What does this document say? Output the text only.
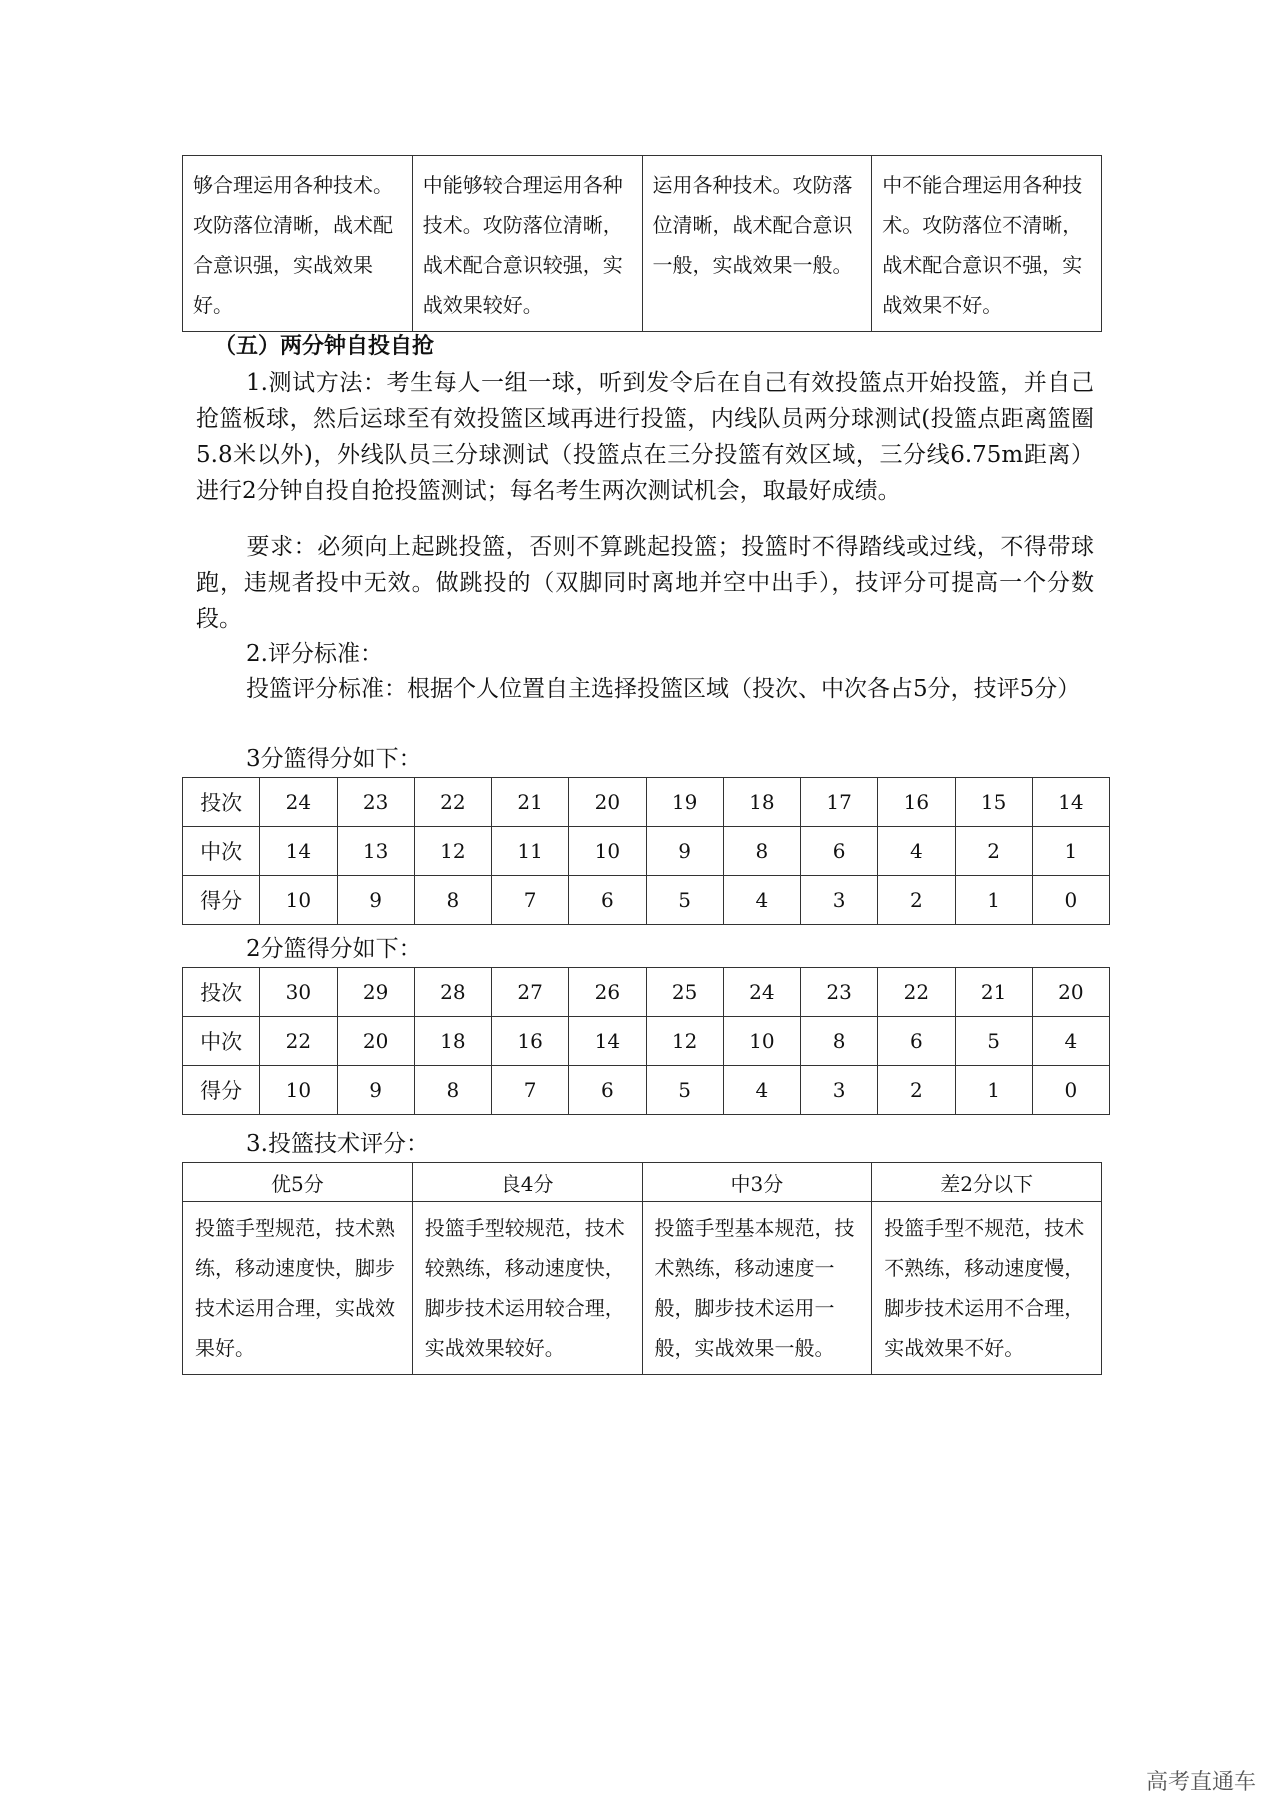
够合理运用各种技术。攻防落位清晰，战术配合意识强，实战效果好。	中能够较合理运用各种技术。攻防落位清晰，战术配合意识较强，实战效果较好。	运用各种技术。攻防落位清晰，战术配合意识一般，实战效果一般。	中不能合理运用各种技术。攻防落位不清晰，战术配合意识不强，实战效果不好。
（五）两分钟自投自抢
1.测试方法：考生每人一组一球，听到发令后在自己有效投篮点开始投篮，并自己抢篮板球，然后运球至有效投篮区域再进行投篮，内线队员两分球测试(投篮点距离篮圈5.8米以外)，外线队员三分球测试（投篮点在三分投篮有效区域，三分线6.75m距离）进行2分钟自投自抢投篮测试；每名考生两次测试机会，取最好成绩。
要求：必须向上起跳投篮，否则不算跳起投篮；投篮时不得踏线或过线，不得带球跑，违规者投中无效。做跳投的（双脚同时离地并空中出手），技评分可提高一个分数段。
2.评分标准：
投篮评分标准：根据个人位置自主选择投篮区域（投次、中次各占5分，技评5分）
3分篮得分如下：
投次	24	23	22	21	20	19	18	17	16	15	14
中次	14	13	12	11	10	9	8	6	4	2	1
得分	10	9	8	7	6	5	4	3	2	1	0
2分篮得分如下：
投次	30	29	28	27	26	25	24	23	22	21	20
中次	22	20	18	16	14	12	10	8	6	5	4
得分	10	9	8	7	6	5	4	3	2	1	0
3.投篮技术评分：
优5分	良4分	中3分	差2分以下
投篮手型规范，技术熟练，移动速度快，脚步技术运用合理，实战效果好。	投篮手型较规范，技术较熟练，移动速度快，脚步技术运用较合理，实战效果较好。	投篮手型基本规范，技术熟练，移动速度一般，脚步技术运用一般，实战效果一般。	投篮手型不规范，技术不熟练，移动速度慢，脚步技术运用不合理，实战效果不好。
高考直通车
